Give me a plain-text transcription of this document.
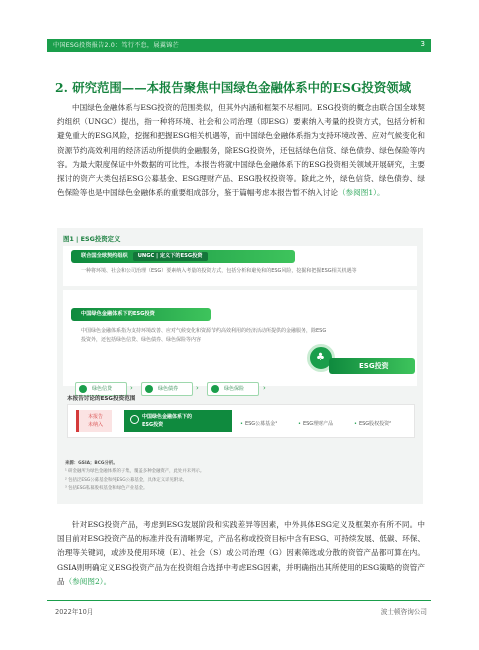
中国ESG投资报告2.0：笃行不怠，展翼锦芒	3
2. 研究范围——本报告聚焦中国绿色金融体系中的ESG投资领域

中国绿色金融体系与ESG投资的范围类似，但其外内涵和框架不尽相同。ESG投资的概念由联合国全球契约组织（UNGC）提出，指一种将环境、社会和公司治理（即ESG）要素纳入考量的投资方式，包括分析和避免重大的ESG风险，挖掘和把握ESG相关机遇等，而中国绿色金融体系指为支持环境改善、应对气候变化和资源节约高效利用的经济活动所提供的金融服务，除ESG投资外，还包括绿色信贷、绿色债券、绿色保险等内容。为最大限度保证中外数据的可比性，本报告将就中国绿色金融体系下的ESG投资相关领域开展研究，主要探讨的资产大类包括ESG公募基金、ESG理财产品、ESG股权投资等。除此之外，绿色信贷、绿色债券、绿色保险等也是中国绿色金融体系的重要组成部分，鉴于篇幅考虑本报告暂不纳入讨论（参阅图1）。

图1 | ESG投资定义
联合国全球契约组织 UNGC | 定义下的ESG投资
一种将环境、社会和公司治理（ESG）要素纳入考量的投资方式，包括分析和避免和的ESG风险，挖掘和把握ESG相关机遇等
中国绿色金融体系下的ESG投资
中国绿色金融体系指为支持环境改善、应对气候变化和资源节约高效利用的经济活动所提供的金融服务，除ESG投资外，还包括绿色信贷、绿色债券、绿色保险等内容
绿色信贷	›	绿色债券	›	绿色保险	›
♣
ESG投资
本报告讨论的ESG投资范围
本报告
未纳入
中国绿色金融体系下的
ESG投资	• ESG公募基金¹	• ESG理财产品	• ESG股权投资²
来源：GSIA；BCG分析。
¹ 研金融所为绿色金融体系的子集，覆盖多种金融资产，此处并未列示。
² 包括泛ESG公募基金和纯ESG公募基金，具体定义详见附录。
³ 包括ESG私募股权基金和绿色产业基金。

针对ESG投资产品，考虑到ESG发展阶段和实践差异等因素，中外具体ESG定义及框架亦有所不同。中国目前对ESG投资产品的标准并没有清晰界定，产品名称或投资目标中含有ESG、可持续发展、低碳、环保、治理等关键词，或涉及使用环境（E）、社会（S）或公司治理（G）因素筛选或分散的资管产品都可算在内。GSIA则明确定义ESG投资产品为在投资组合选择中考虑ESG因素，并明确指出其所使用的ESG策略的资管产品（参阅图2）。

2022年10月	波士顿咨询公司
